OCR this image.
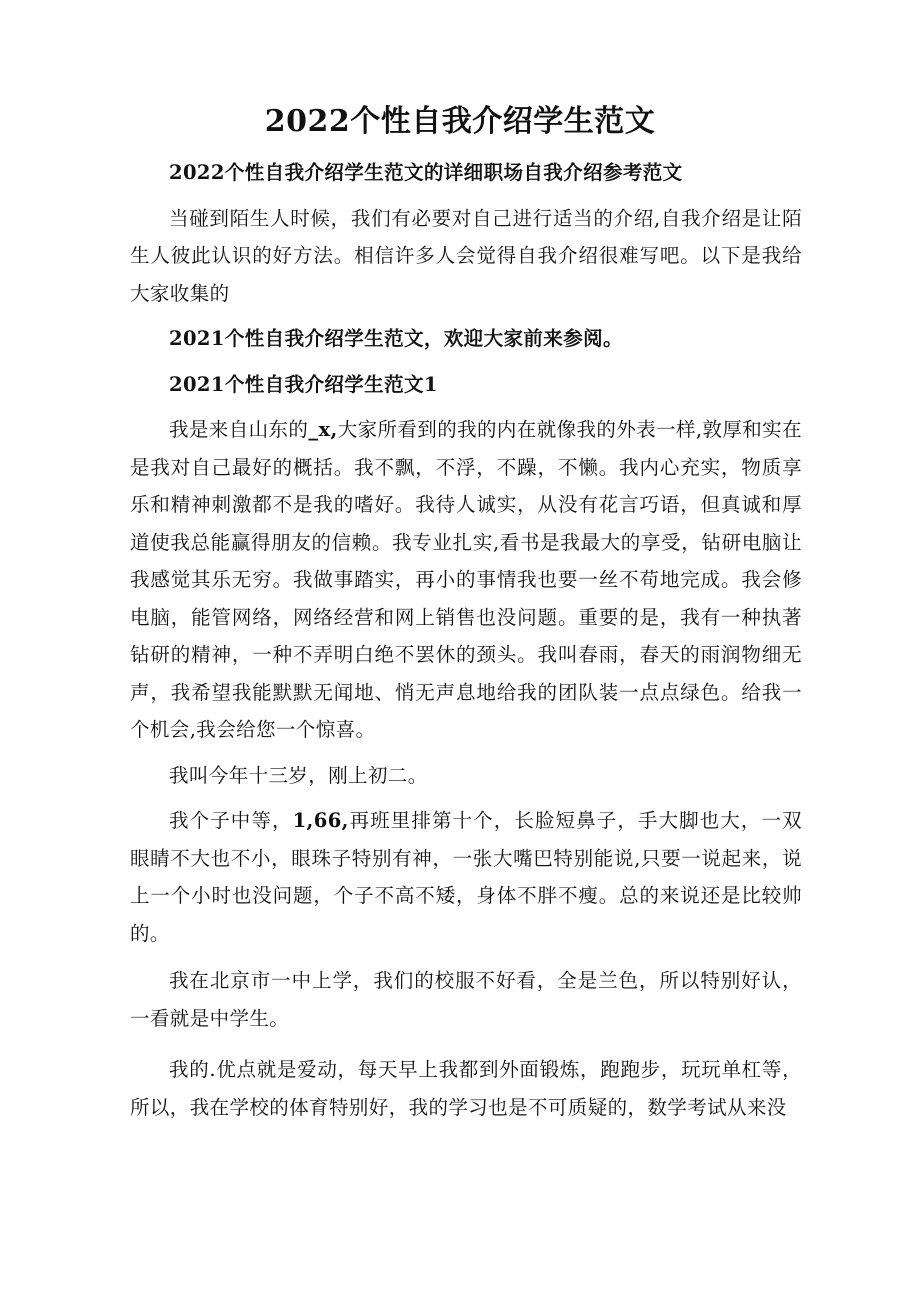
2022个性自我介绍学生范文

2022个性自我介绍学生范文的详细职场自我介绍参考范文

当碰到陌生人时候，我们有必要对自己进行适当的介绍,自我介绍是让陌生人彼此认识的好方法。相信许多人会觉得自我介绍很难写吧。以下是我给大家收集的

2021个性自我介绍学生范文，欢迎大家前来参阅。

2021个性自我介绍学生范文1

我是来自山东的_x,大家所看到的我的内在就像我的外表一样,敦厚和实在是我对自己最好的概括。我不飘，不浮，不躁，不懒。我内心充实，物质享乐和精神刺激都不是我的嗜好。我待人诚实，从没有花言巧语，但真诚和厚道使我总能赢得朋友的信赖。我专业扎实,看书是我最大的享受，钻研电脑让我感觉其乐无穷。我做事踏实，再小的事情我也要一丝不苟地完成。我会修电脑，能管网络，网络经营和网上销售也没问题。重要的是，我有一种执著钻研的精神，一种不弄明白绝不罢休的颈头。我叫春雨，春天的雨润物细无声，我希望我能默默无闻地、悄无声息地给我的团队装一点点绿色。给我一个机会,我会给您一个惊喜。

我叫今年十三岁，刚上初二。

我个子中等，1,66,再班里排第十个，长脸短鼻子，手大脚也大，一双眼睛不大也不小，眼珠子特别有神，一张大嘴巴特别能说,只要一说起来，说上一个小时也没问题，个子不高不矮，身体不胖不瘦。总的来说还是比较帅的。

我在北京市一中上学，我们的校服不好看，全是兰色，所以特别好认，一看就是中学生。

我的.优点就是爱动，每天早上我都到外面锻炼，跑跑步，玩玩单杠等，所以，我在学校的体育特别好，我的学习也是不可质疑的，数学考试从来没
